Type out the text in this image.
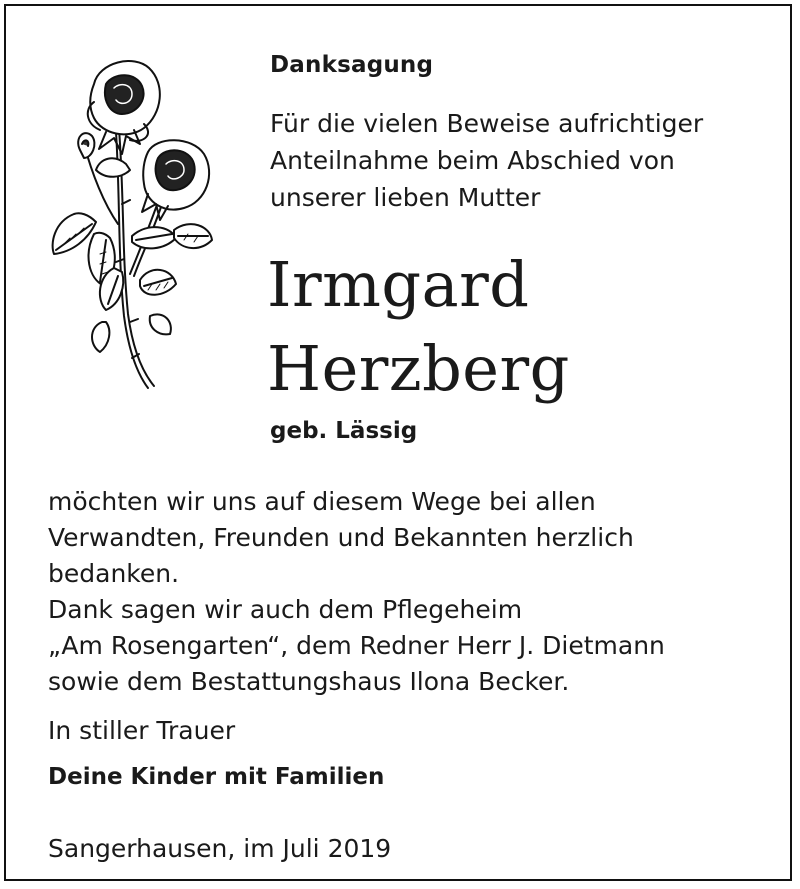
Danksagung
Für die vielen Beweise aufrichtiger
Anteilnahme beim Abschied von
unserer lieben Mutter
Irmgard
Herzberg
geb. Lässig
möchten wir uns auf diesem Wege bei allen
Verwandten, Freunden und Bekannten herzlich
bedanken.
Dank sagen wir auch dem Pflegeheim
„Am Rosengarten“, dem Redner Herr J. Dietmann
sowie dem Bestattungshaus Ilona Becker.
In stiller Trauer
Deine Kinder mit Familien
Sangerhausen, im Juli 2019
